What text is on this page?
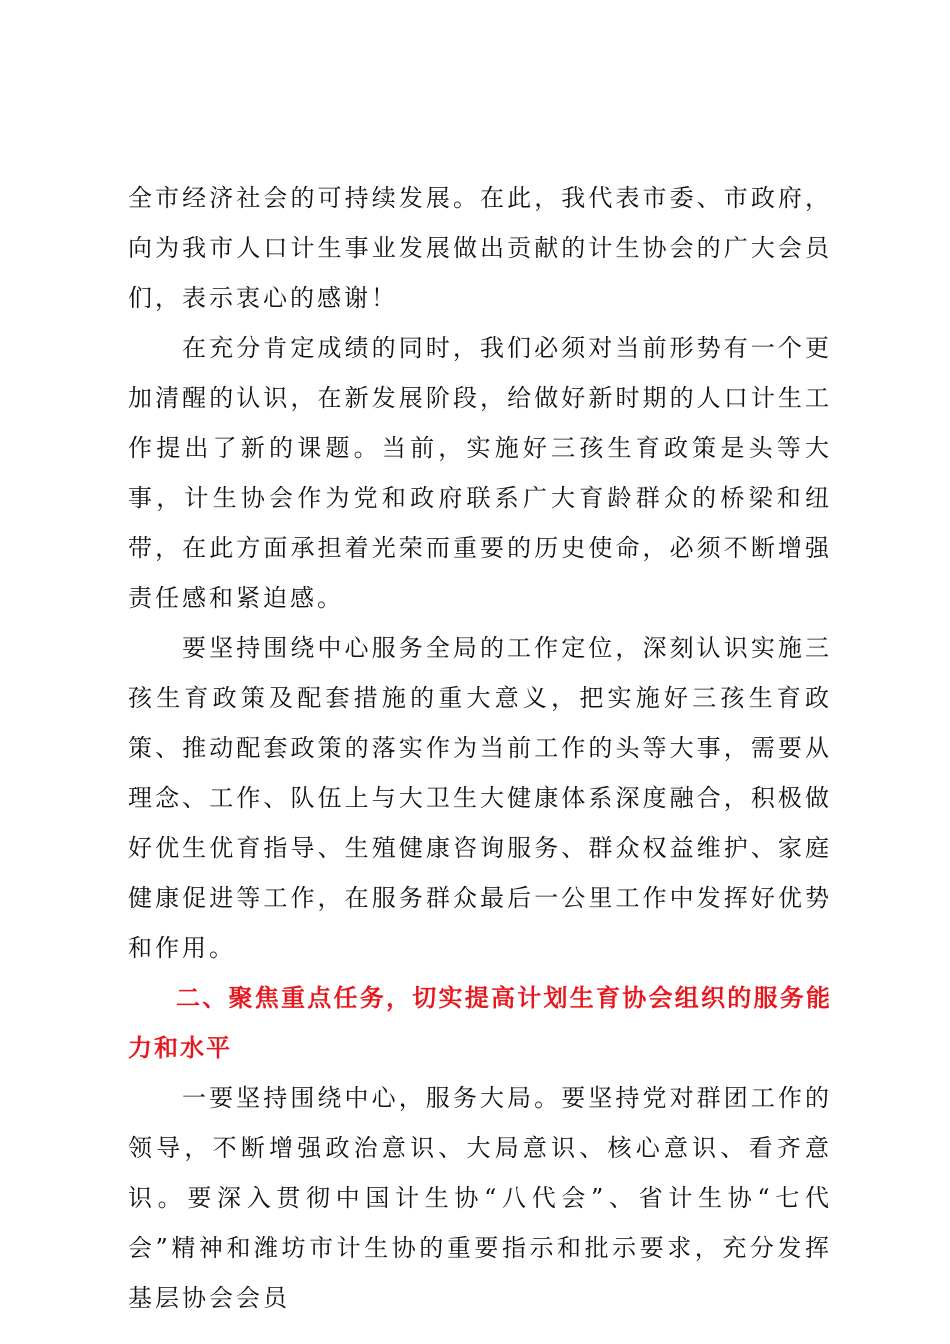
全市经济社会的可持续发展。在此，我代表市委、市政府，向为我市人口计生事业发展做出贡献的计生协会的广大会员们，表示衷心的感谢！

在充分肯定成绩的同时，我们必须对当前形势有一个更加清醒的认识，在新发展阶段，给做好新时期的人口计生工作提出了新的课题。当前，实施好三孩生育政策是头等大事，计生协会作为党和政府联系广大育龄群众的桥梁和纽带，在此方面承担着光荣而重要的历史使命，必须不断增强责任感和紧迫感。

要坚持围绕中心服务全局的工作定位，深刻认识实施三孩生育政策及配套措施的重大意义，把实施好三孩生育政策、推动配套政策的落实作为当前工作的头等大事，需要从理念、工作、队伍上与大卫生大健康体系深度融合，积极做好优生优育指导、生殖健康咨询服务、群众权益维护、家庭健康促进等工作，在服务群众最后一公里工作中发挥好优势和作用。

二、聚焦重点任务，切实提高计划生育协会组织的服务能力和水平

一要坚持围绕中心，服务大局。要坚持党对群团工作的领导，不断增强政治意识、大局意识、核心意识、看齐意识。要深入贯彻中国计生协“八代会”、省计生协“七代会”精神和潍坊市计生协的重要指示和批示要求，充分发挥基层协会会员
